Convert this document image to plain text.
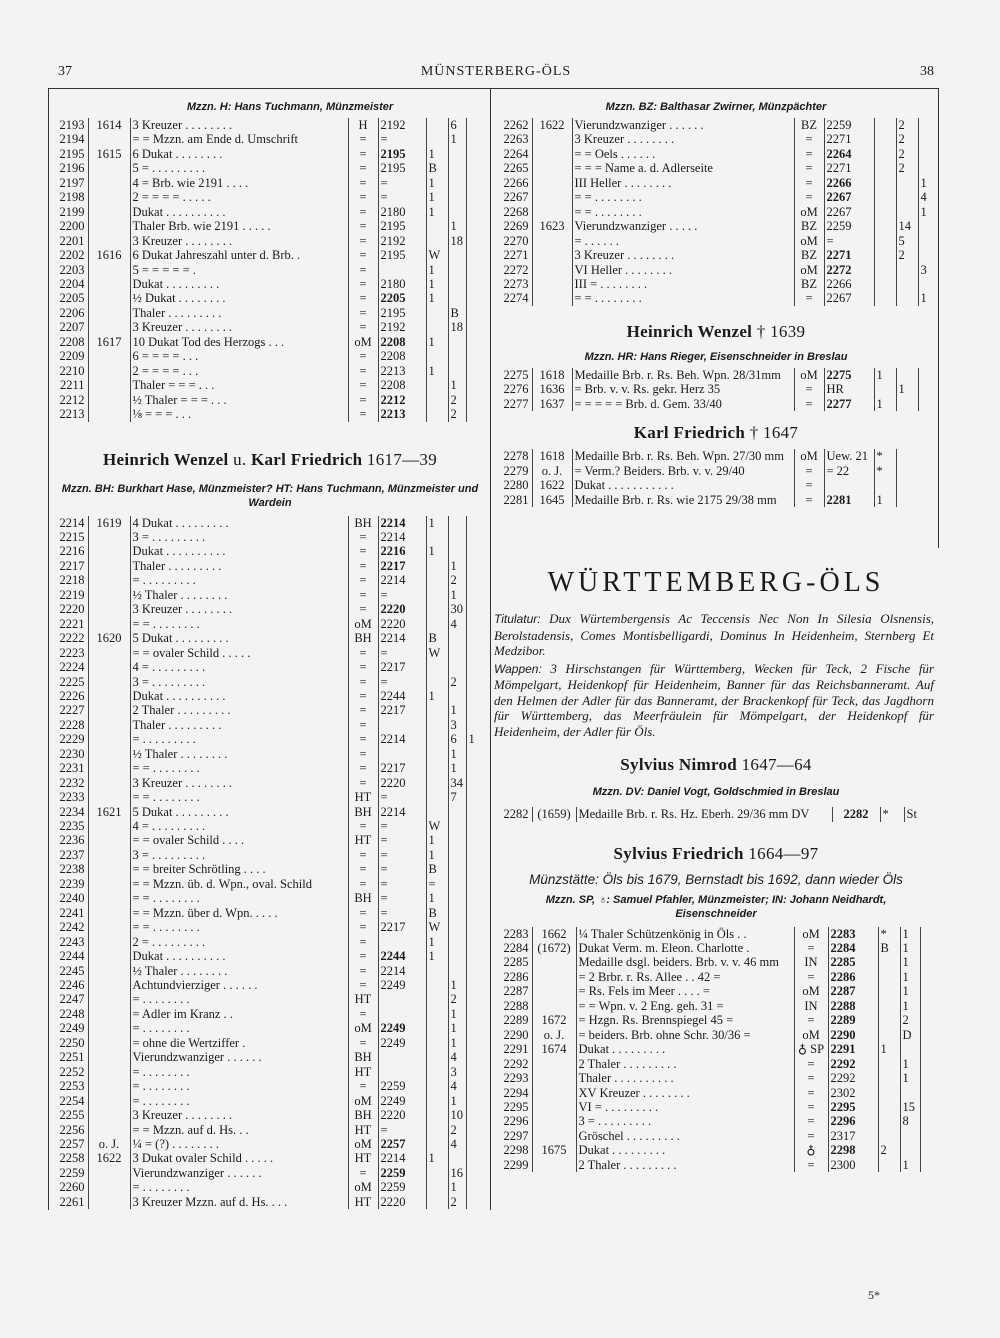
37	MÜNSTERBERG-ÖLS	38
Mzzn. H: Hans Tuchmann, Münzmeister
2193	1614	3 Kreuzer . . . . . . . .	H	2192		6	
2194		= = Mzzn. am Ende d. Umschrift	=	=		1	
2195	1615	6 Dukat . . . . . . . .	=	2195	1		
2196		5 = . . . . . . . . .	=	2195	B		
2197		4 = Brb. wie 2191 . . . .	=	=	1		
2198		2 = = = = . . . . .	=	=	1		
2199		Dukat . . . . . . . . . .	=	2180	1		
2200		Thaler Brb. wie 2191 . . . . .	=	2195		1	
2201		3 Kreuzer . . . . . . . .	=	2192		18	
2202	1616	6 Dukat Jahreszahl unter d. Brb. .	=	2195	W		
2203		5 = = = = = .	=		1		
2204		Dukat . . . . . . . . .	=	2180	1		
2205		½ Dukat . . . . . . . .	=	2205	1		
2206		Thaler . . . . . . . . .	=	2195		B	
2207		3 Kreuzer . . . . . . . .	=	2192		18	
2208	1617	10 Dukat Tod des Herzogs . . .	oM	2208	1		
2209		6 = = = = . . .	=	2208			
2210		2 = = = = . . .	=	2213	1		
2211		Thaler = = = . . .	=	2208		1	
2212		½ Thaler = = = . . .	=	2212		2	
2213		⅛ = = = . . .	=	2213		2	
Heinrich Wenzel u. Karl Friedrich 1617—39
Mzzn. BH: Burkhart Hase, Münzmeister? HT: Hans Tuchmann, Münzmeister und Wardein
2214	1619	4 Dukat . . . . . . . . .	BH	2214	1		
2215		3 = . . . . . . . . .	=	2214			
2216		Dukat . . . . . . . . . .	=	2216	1		
2217		Thaler . . . . . . . . .	=	2217		1	
2218		= . . . . . . . . .	=	2214		2	
2219		½ Thaler . . . . . . . .	=	=		1	
2220		3 Kreuzer . . . . . . . .	=	2220		30	
2221		= = . . . . . . . .	oM	2220		4	
2222	1620	5 Dukat . . . . . . . . .	BH	2214	B		
2223		= = ovaler Schild . . . . .	=	=	W		
2224		4 = . . . . . . . . .	=	2217			
2225		3 = . . . . . . . . .	=	=		2	
2226		Dukat . . . . . . . . . .	=	2244	1		
2227		2 Thaler . . . . . . . . .	=	2217		1	
2228		Thaler . . . . . . . . .	=			3	
2229		= . . . . . . . . .	=	2214		6	1
2230		½ Thaler . . . . . . . .	=			1	
2231		= = . . . . . . . .	=	2217		1	
2232		3 Kreuzer . . . . . . . .	=	2220		34	
2233		= = . . . . . . . .	HT	=		7	
2234	1621	5 Dukat . . . . . . . . .	BH	2214			
2235		4 = . . . . . . . . .	=	=	W		
2236		= = ovaler Schild . . . .	HT	=	1		
2237		3 = . . . . . . . . .	=	=	1		
2238		= = breiter Schrötling . . . .	=	=	B		
2239		= = Mzzn. üb. d. Wpn., oval. Schild	=	=	=		
2240		= = . . . . . . . .	BH	=	1		
2241		= = Mzzn. über d. Wpn. . . . .	=	=	B		
2242		= = . . . . . . . .	=	2217	W		
2243		2 = . . . . . . . . .	=		1		
2244		Dukat . . . . . . . . . .	=	2244	1		
2245		½ Thaler . . . . . . . .	=	2214			
2246		Achtundvierziger . . . . . .	=	2249		1	
2247		= . . . . . . . .	HT			2	
2248		= Adler im Kranz . .	=			1	
2249		= . . . . . . . .	oM	2249		1	
2250		= ohne die Wertziffer .	=	2249		1	
2251		Vierundzwanziger . . . . . .	BH			4	
2252		= . . . . . . . .	HT			3	
2253		= . . . . . . . .	=	2259		4	
2254		= . . . . . . . .	oM	2249		1	
2255		3 Kreuzer . . . . . . . .	BH	2220		10	
2256		= = Mzzn. auf d. Hs. . .	HT	=		2	
2257	o. J.	¼ = (?) . . . . . . . .	oM	2257		4	
2258	1622	3 Dukat ovaler Schild . . . . .	HT	2214	1		
2259		Vierundzwanziger . . . . . .	=	2259		16	
2260		= . . . . . . . .	oM	2259		1	
2261		3 Kreuzer Mzzn. auf d. Hs. . . .	HT	2220		2	
Mzzn. BZ: Balthasar Zwirner, Münzpächter
2262	1622	Vierundzwanziger . . . . . .	BZ	2259		2	
2263		3 Kreuzer . . . . . . . .	=	2271		2	
2264		= = Oels . . . . . .	=	2264		2	
2265		= = = Name a. d. Adlerseite	=	2271		2	
2266		III Heller . . . . . . . .	=	2266			1
2267		= = . . . . . . . .	=	2267			4
2268		= = . . . . . . . .	oM	2267			1
2269	1623	Vierundzwanziger . . . . .	BZ	2259		14	
2270		= . . . . . .	oM	=		5	
2271		3 Kreuzer . . . . . . . .	BZ	2271		2	
2272		VI Heller . . . . . . . .	oM	2272			3
2273		III = . . . . . . . .	BZ	2266			
2274		= = . . . . . . . .	=	2267			1
Heinrich Wenzel † 1639
Mzzn. HR: Hans Rieger, Eisenschneider in Breslau
2275	1618	Medaille Brb. r. Rs. Beh. Wpn. 28/31mm	oM	2275	1		
2276	1636	= Brb. v. v. Rs. gekr. Herz 35	=	HR		1	
2277	1637	= = = = = Brb. d. Gem. 33/40	=	2277	1		
Karl Friedrich † 1647
2278	1618	Medaille Brb. r. Rs. Beh. Wpn. 27/30 mm	oM	Uew. 21	*	
2279	o. J.	= Verm.? Beiders. Brb. v. v. 29/40	=	= 22	*	
2280	1622	Dukat . . . . . . . . . . .	=			
2281	1645	Medaille Brb. r. Rs. wie 2175 29/38 mm	=	2281	1	
WÜRTTEMBERG-ÖLS
Titulatur: Dux Würtembergensis Ac Teccensis Nec Non In Silesia Olsnensis, Berolstadensis, Comes Montisbelligardi, Dominus In Heidenheim, Sternberg Et Medzibor.
Wappen: 3 Hirschstangen für Württemberg, Wecken für Teck, 2 Fische für Mömpelgart, Heidenkopf für Heidenheim, Banner für das Reichsbanneramt. Auf den Helmen der Adler für das Banneramt, der Brackenkopf für Teck, das Jagdhorn für Württemberg, das Meerfräulein für Mömpelgart, der Heidenkopf für Heidenheim, der Adler für Öls.
Sylvius Nimrod 1647—64
Mzzn. DV: Daniel Vogt, Goldschmied in Breslau
2282	(1659)	Medaille Brb. r. Rs. Hz. Eberh. 29/36 mm DV	2282	*	St
Sylvius Friedrich 1664—97
Münzstätte: Öls bis 1679, Bernstadt bis 1692, dann wieder Öls
Mzzn. SP, ♁: Samuel Pfahler, Münzmeister; IN: Johann Neidhardt, Eisenschneider
2283	1662	¼ Thaler Schützenkönig in Öls . .	oM	2283	*	1	
2284	(1672)	Dukat Verm. m. Eleon. Charlotte .	=	2284	B	1	
2285		Medaille dsgl. beiders. Brb. v. v. 46 mm	IN	2285		1	
2286		= 2 Brbr. r. Rs. Allee . . 42 =	=	2286		1	
2287		= Rs. Fels im Meer . . . . =	oM	2287		1	
2288		= = Wpn. v. 2 Eng. geh. 31 =	IN	2288		1	
2289	1672	= Hzgn. Rs. Brennspiegel 45 =	=	2289		2	
2290	o. J.	= beiders. Brb. ohne Schr. 30/36 =	oM	2290		D	
2291	1674	Dukat . . . . . . . . .	♁ SP	2291	1		
2292		2 Thaler . . . . . . . . .	=	2292		1	
2293		Thaler . . . . . . . . . .	=	2292		1	
2294		XV Kreuzer . . . . . . . .	=	2302			
2295		VI = . . . . . . . . .	=	2295		15	
2296		3 = . . . . . . . . .	=	2296		8	
2297		Gröschel . . . . . . . . .	=	2317			
2298	1675	Dukat . . . . . . . . .	♁	2298	2		
2299		2 Thaler . . . . . . . . .	=	2300		1	
5*
